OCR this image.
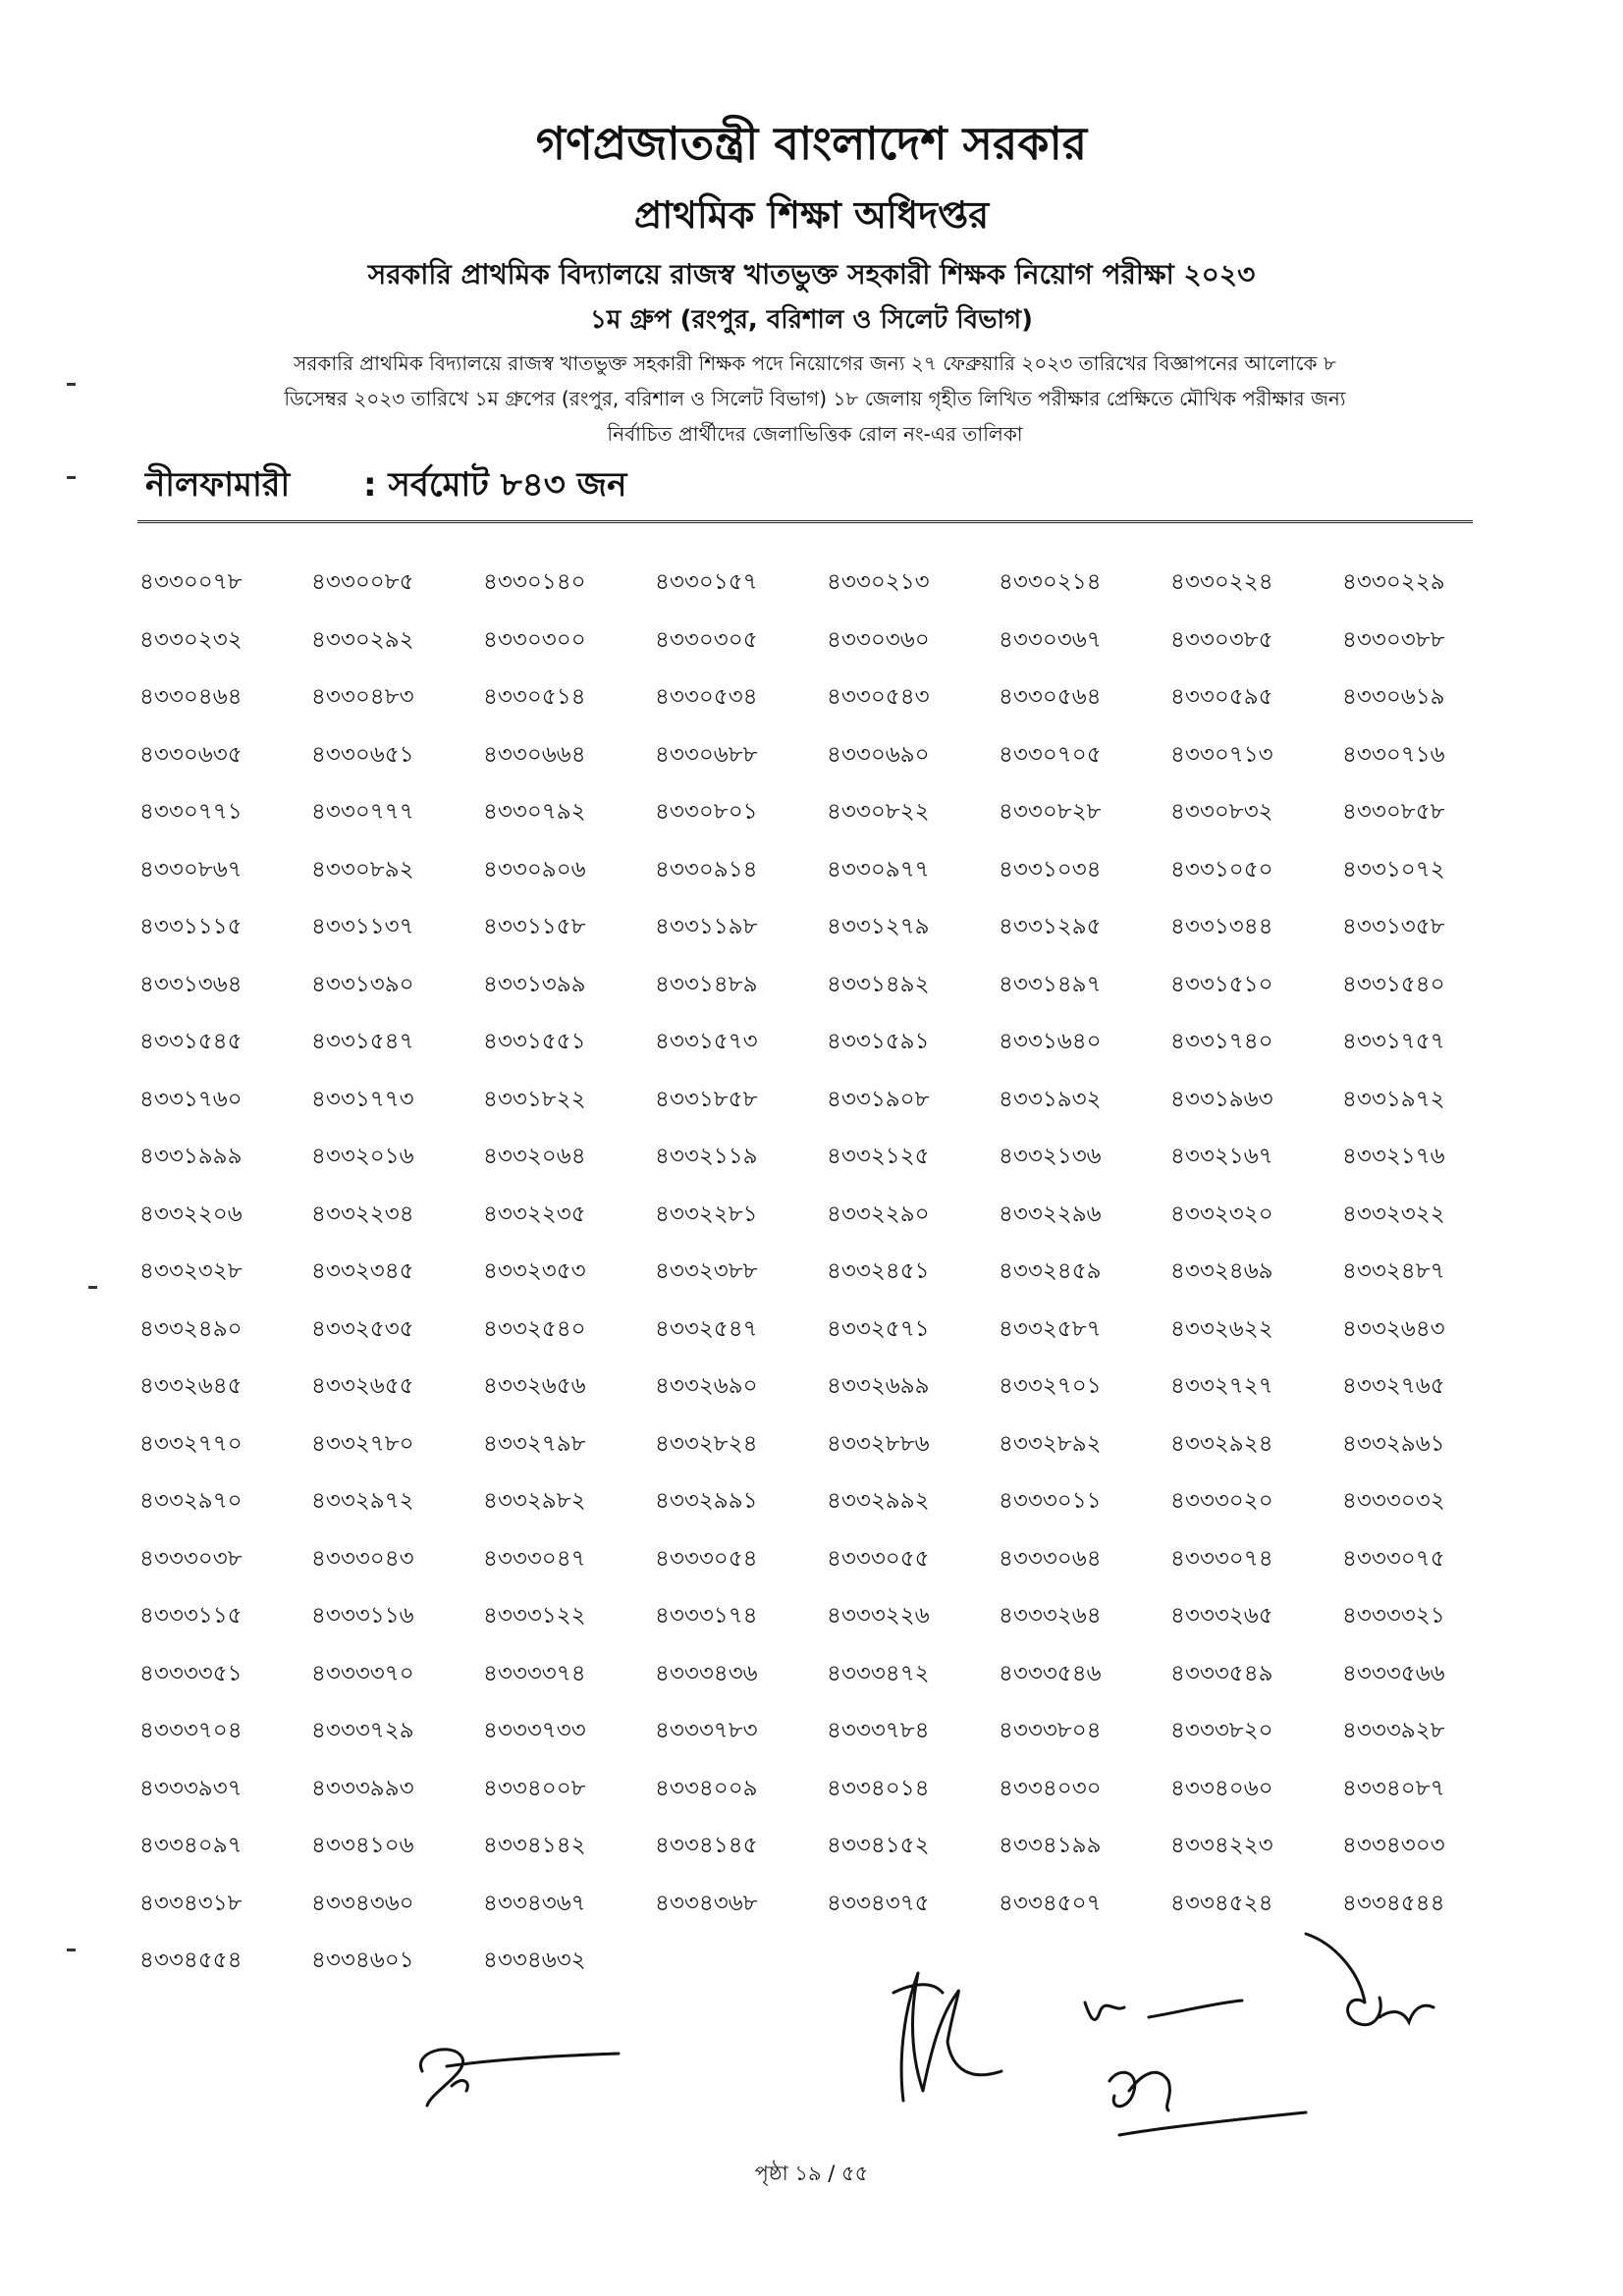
গণপ্রজাতন্ত্রী বাংলাদেশ সরকার
প্রাথমিক শিক্ষা অধিদপ্তর
সরকারি প্রাথমিক বিদ্যালয়ে রাজস্ব খাতভুক্ত সহকারী শিক্ষক নিয়োগ পরীক্ষা ২০২৩
১ম গ্রুপ (রংপুর, বরিশাল ও সিলেট বিভাগ)
সরকারি প্রাথমিক বিদ্যালয়ে রাজস্ব খাতভুক্ত সহকারী শিক্ষক পদে নিয়োগের জন্য ২৭ ফেব্রুয়ারি ২০২৩ তারিখের বিজ্ঞাপনের আলোকে ৮
ডিসেম্বর ২০২৩ তারিখে ১ম গ্রুপের (রংপুর, বরিশাল ও সিলেট বিভাগ) ১৮ জেলায় গৃহীত লিখিত পরীক্ষার প্রেক্ষিতে মৌখিক পরীক্ষার জন্য
নির্বাচিত প্রার্থীদের জেলাভিত্তিক রোল নং-এর তালিকা
নীলফামারী : সর্বমোট ৮৪৩ জন
৪৩৩০০৭৮	৪৩৩০০৮৫	৪৩৩০১৪০	৪৩৩০১৫৭	৪৩৩০২১৩	৪৩৩০২১৪	৪৩৩০২২৪	৪৩৩০২২৯
৪৩৩০২৩২	৪৩৩০২৯২	৪৩৩০৩০০	৪৩৩০৩০৫	৪৩৩০৩৬০	৪৩৩০৩৬৭	৪৩৩০৩৮৫	৪৩৩০৩৮৮
৪৩৩০৪৬৪	৪৩৩০৪৮৩	৪৩৩০৫১৪	৪৩৩০৫৩৪	৪৩৩০৫৪৩	৪৩৩০৫৬৪	৪৩৩০৫৯৫	৪৩৩০৬১৯
৪৩৩০৬৩৫	৪৩৩০৬৫১	৪৩৩০৬৬৪	৪৩৩০৬৮৮	৪৩৩০৬৯০	৪৩৩০৭০৫	৪৩৩০৭১৩	৪৩৩০৭১৬
৪৩৩০৭৭১	৪৩৩০৭৭৭	৪৩৩০৭৯২	৪৩৩০৮০১	৪৩৩০৮২২	৪৩৩০৮২৮	৪৩৩০৮৩২	৪৩৩০৮৫৮
৪৩৩০৮৬৭	৪৩৩০৮৯২	৪৩৩০৯০৬	৪৩৩০৯১৪	৪৩৩০৯৭৭	৪৩৩১০৩৪	৪৩৩১০৫০	৪৩৩১০৭২
৪৩৩১১১৫	৪৩৩১১৩৭	৪৩৩১১৫৮	৪৩৩১১৯৮	৪৩৩১২৭৯	৪৩৩১২৯৫	৪৩৩১৩৪৪	৪৩৩১৩৫৮
৪৩৩১৩৬৪	৪৩৩১৩৯০	৪৩৩১৩৯৯	৪৩৩১৪৮৯	৪৩৩১৪৯২	৪৩৩১৪৯৭	৪৩৩১৫১০	৪৩৩১৫৪০
৪৩৩১৫৪৫	৪৩৩১৫৪৭	৪৩৩১৫৫১	৪৩৩১৫৭৩	৪৩৩১৫৯১	৪৩৩১৬৪০	৪৩৩১৭৪০	৪৩৩১৭৫৭
৪৩৩১৭৬০	৪৩৩১৭৭৩	৪৩৩১৮২২	৪৩৩১৮৫৮	৪৩৩১৯০৮	৪৩৩১৯৩২	৪৩৩১৯৬৩	৪৩৩১৯৭২
৪৩৩১৯৯৯	৪৩৩২০১৬	৪৩৩২০৬৪	৪৩৩২১১৯	৪৩৩২১২৫	৪৩৩২১৩৬	৪৩৩২১৬৭	৪৩৩২১৭৬
৪৩৩২২০৬	৪৩৩২২৩৪	৪৩৩২২৩৫	৪৩৩২২৮১	৪৩৩২২৯০	৪৩৩২২৯৬	৪৩৩২৩২০	৪৩৩২৩২২
৪৩৩২৩২৮	৪৩৩২৩৪৫	৪৩৩২৩৫৩	৪৩৩২৩৮৮	৪৩৩২৪৫১	৪৩৩২৪৫৯	৪৩৩২৪৬৯	৪৩৩২৪৮৭
৪৩৩২৪৯০	৪৩৩২৫৩৫	৪৩৩২৫৪০	৪৩৩২৫৪৭	৪৩৩২৫৭১	৪৩৩২৫৮৭	৪৩৩২৬২২	৪৩৩২৬৪৩
৪৩৩২৬৪৫	৪৩৩২৬৫৫	৪৩৩২৬৫৬	৪৩৩২৬৯০	৪৩৩২৬৯৯	৪৩৩২৭০১	৪৩৩২৭২৭	৪৩৩২৭৬৫
৪৩৩২৭৭০	৪৩৩২৭৮০	৪৩৩২৭৯৮	৪৩৩২৮২৪	৪৩৩২৮৮৬	৪৩৩২৮৯২	৪৩৩২৯২৪	৪৩৩২৯৬১
৪৩৩২৯৭০	৪৩৩২৯৭২	৪৩৩২৯৮২	৪৩৩২৯৯১	৪৩৩২৯৯২	৪৩৩৩০১১	৪৩৩৩০২০	৪৩৩৩০৩২
৪৩৩৩০৩৮	৪৩৩৩০৪৩	৪৩৩৩০৪৭	৪৩৩৩০৫৪	৪৩৩৩০৫৫	৪৩৩৩০৬৪	৪৩৩৩০৭৪	৪৩৩৩০৭৫
৪৩৩৩১১৫	৪৩৩৩১১৬	৪৩৩৩১২২	৪৩৩৩১৭৪	৪৩৩৩২২৬	৪৩৩৩২৬৪	৪৩৩৩২৬৫	৪৩৩৩৩২১
৪৩৩৩৩৫১	৪৩৩৩৩৭০	৪৩৩৩৩৭৪	৪৩৩৩৪৩৬	৪৩৩৩৪৭২	৪৩৩৩৫৪৬	৪৩৩৩৫৪৯	৪৩৩৩৫৬৬
৪৩৩৩৭০৪	৪৩৩৩৭২৯	৪৩৩৩৭৩৩	৪৩৩৩৭৮৩	৪৩৩৩৭৮৪	৪৩৩৩৮০৪	৪৩৩৩৮২০	৪৩৩৩৯২৮
৪৩৩৩৯৩৭	৪৩৩৩৯৯৩	৪৩৩৪০০৮	৪৩৩৪০০৯	৪৩৩৪০১৪	৪৩৩৪০৩০	৪৩৩৪০৬০	৪৩৩৪০৮৭
৪৩৩৪০৯৭	৪৩৩৪১০৬	৪৩৩৪১৪২	৪৩৩৪১৪৫	৪৩৩৪১৫২	৪৩৩৪১৯৯	৪৩৩৪২২৩	৪৩৩৪৩০৩
৪৩৩৪৩১৮	৪৩৩৪৩৬০	৪৩৩৪৩৬৭	৪৩৩৪৩৬৮	৪৩৩৪৩৭৫	৪৩৩৪৫০৭	৪৩৩৪৫২৪	৪৩৩৪৫৪৪
৪৩৩৪৫৫৪	৪৩৩৪৬০১	৪৩৩৪৬৩২
পৃষ্ঠা ১৯ / ৫৫
